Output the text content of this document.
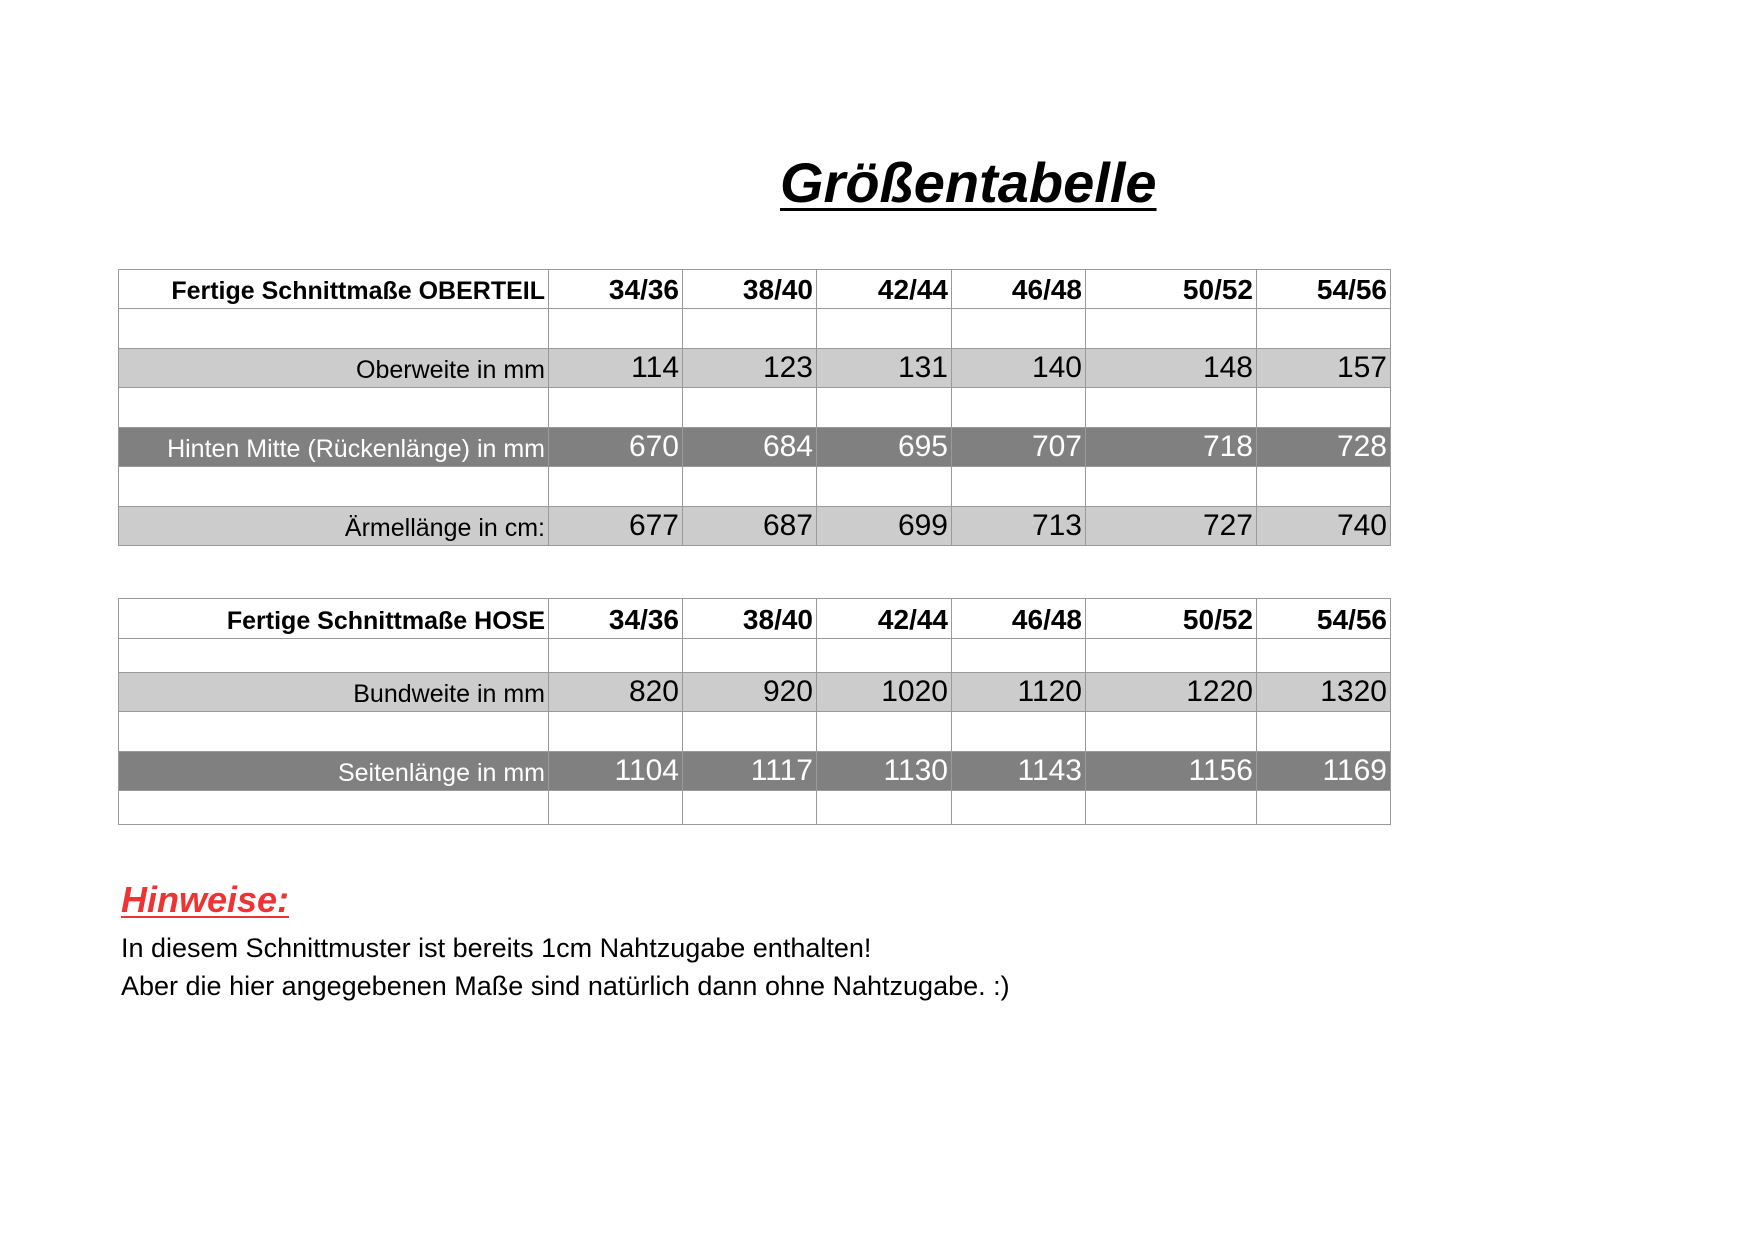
Größentabelle
Fertige Schnittmaße OBERTEIL	34/36	38/40	42/44	46/48	50/52	54/56

Oberweite in mm	114	123	131	140	148	157

Hinten Mitte (Rückenlänge) in mm	670	684	695	707	718	728

Ärmellänge in cm:	677	687	699	713	727	740
Fertige Schnittmaße HOSE	34/36	38/40	42/44	46/48	50/52	54/56

Bundweite in mm	820	920	1020	1120	1220	1320

Seitenlänge in mm	1104	1117	1130	1143	1156	1169

Hinweise:

In diesem Schnittmuster ist bereits 1cm Nahtzugabe enthalten!

Aber die hier angegebenen Maße sind natürlich dann ohne Nahtzugabe. :)
